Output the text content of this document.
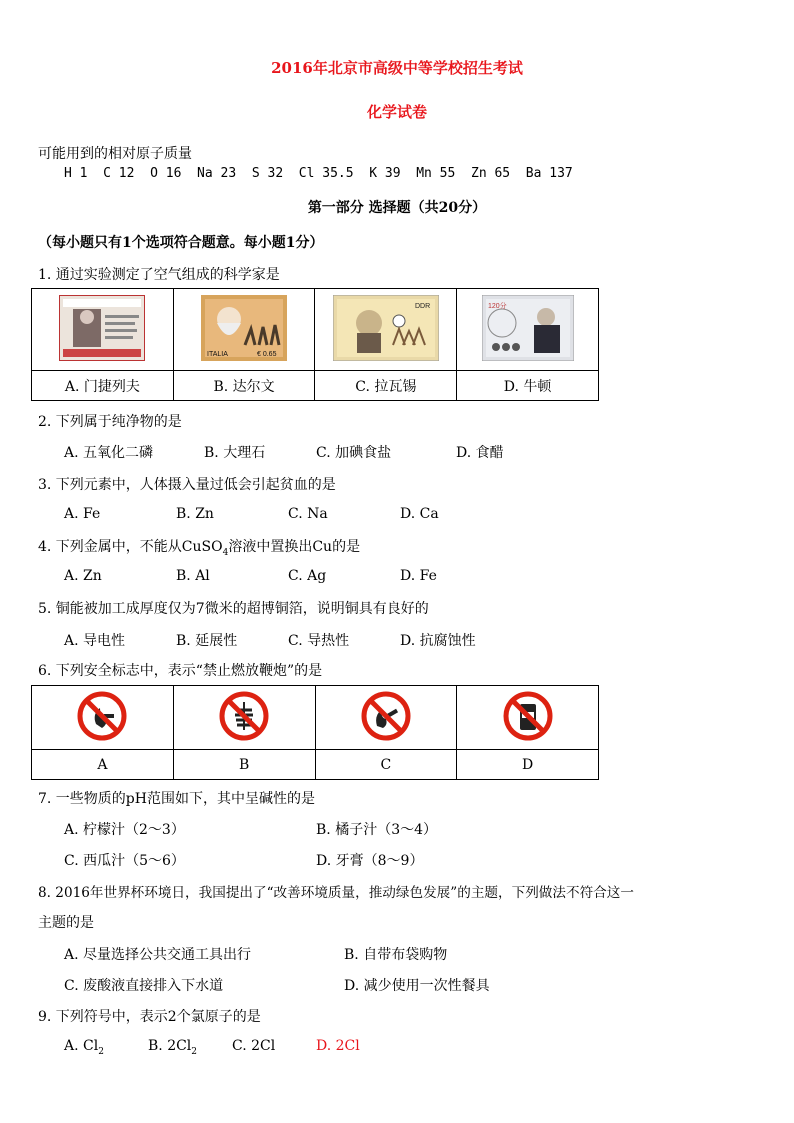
2016年北京市高级中等学校招生考试
化学试卷
可能用到的相对原子质量
H 1  C 12  O 16  Na 23  S 32  Cl 35.5  K 39  Mn 55  Zn 65  Ba 137
第一部分 选择题（共20分）
（每小题只有1个选项符合题意。每小题1分）
1. 通过实验测定了空气组成的科学家是

ITALIA € 0.65	DDR	120分

A. 门捷列夫	B. 达尔文	C. 拉瓦锡	D. 牛顿
2. 下列属于纯净物的是
A. 五氧化二磷	B. 大理石	C. 加碘食盐	D. 食醋
3. 下列元素中，人体摄入量过低会引起贫血的是
A. Fe	B. Zn	C. Na	D. Ca
4. 下列金属中，不能从CuSO$_4$溶液中置换出Cu的是
A. Zn	B. Al	C. Ag	D. Fe
5. 铜能被加工成厚度仅为7微米的超博铜箔，说明铜具有良好的
A. 导电性	B. 延展性	C. 导热性	D. 抗腐蚀性
6. 下列安全标志中，表示“禁止燃放鞭炮”的是

A	B	C	D
7. 一些物质的pH范围如下，其中呈碱性的是
A. 柠檬汁（2～3）	B. 橘子汁（3～4）
C. 西瓜汁（5～6）	D. 牙膏（8～9）
8. 2016年世界杯环境日，我国提出了“改善环境质量，推动绿色发展”的主题，下列做法不符合这一
主题的是
A. 尽量选择公共交通工具出行	B. 自带布袋购物
C. 废酸液直接排入下水道	D. 减少使用一次性餐具
9. 下列符号中，表示2个氯原子的是
A. $Cl_2$	B. $2Cl_2$ C. 2Cl	D. 2Cl
